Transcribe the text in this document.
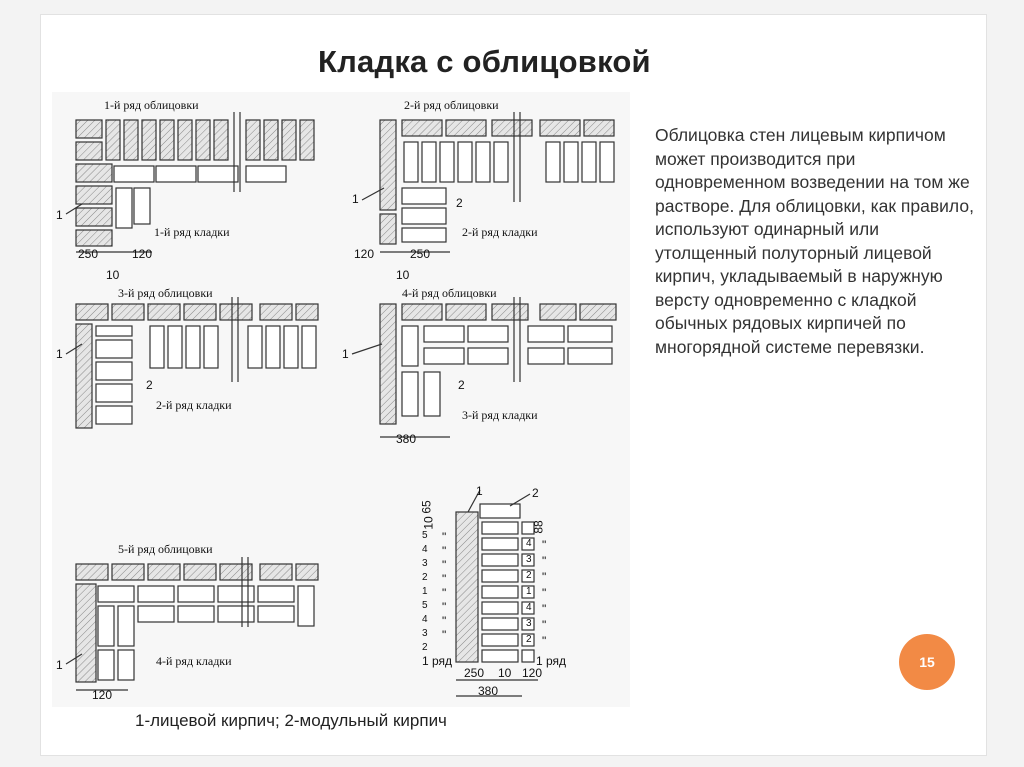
Кладка с облицовкой
1-й ряд облицовки
1-й ряд кладки
2-й ряд облицовки
2-й ряд кладки
3-й ряд облицовки
2-й ряд кладки
4-й ряд облицовки
3-й ряд кладки
5-й ряд облицовки
4-й ряд кладки
1
1	2
1
2
1
2
1
1	2
250	120
10
120	250
10
380
120
250 10 120
380
65
10	88
1 ряд	1 ряд
5
4
3
2
1
5
4
3
2
4
3
2
1
4
3
2
"
"
"
"
"
"
"
"
"
"
"
"
"
"
"
1-лицевой кирпич; 2-модульный кирпич
Облицовка стен лицевым кирпичом может производится при одновременном возведении на том же растворе. Для облицовки, как правило, используют одинарный или утолщенный полуторный лицевой кирпич, укладываемый в наружную версту одновременно с кладкой обычных рядовых кирпичей по многорядной системе перевязки.
15
